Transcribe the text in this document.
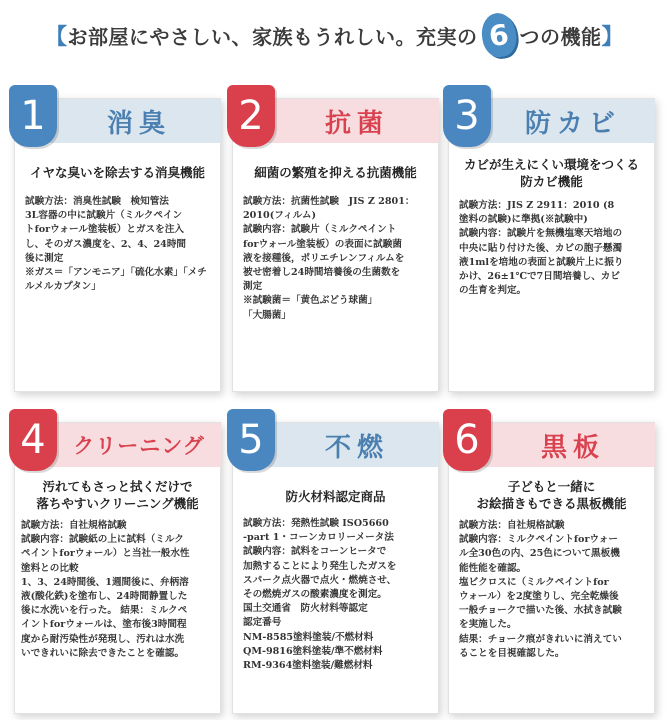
【 お部屋にやさしい、家族もうれしい。充実の 6 つの機能 】
消臭
1
イヤな臭いを除去する消臭機能

試験方法：消臭性試験　検知管法

3L容器の中に試験片（ミルクペイン

トforウォール塗装板）とガスを注入

し、そのガス濃度を、2、4、24時間

後に測定

※ガス＝「アンモニア」「硫化水素」「メチ

ルメルカプタン」

抗菌
2
細菌の繁殖を抑える抗菌機能

試験方法：抗菌性試験　JIS Z 2801：

2010(フィルム)

試験内容：試験片（ミルクペイント

forウォール塗装板）の表面に試験菌

液を接種後，ポリエチレンフィルムを

被せ密着し24時間培養後の生菌数を

測定

※試験菌＝「黄色ぶどう球菌」

「大腸菌」

防カビ
3
カビが生えにくい環境をつくる
防カビ機能

試験方法：JIS Z 2911：2010 (8

塗料の試験)に準拠(※試験中)

試験内容：試験片を無機塩寒天培地の

中央に貼り付けた後、カビの胞子懸濁

液1mlを培地の表面と試験片上に振り

かけ、26±1℃で7日間培養し、カビ

の生育を判定。

クリーニング
4
汚れてもさっと拭くだけで
落ちやすいクリーニング機能

試験方法：自社規格試験

試験内容：試験紙の上に試料（ミルク

ペイントforウォール）と当社一般水性

塗料との比較

1、3、24時間後、1週間後に、弁柄溶

液(酸化鉄)を塗布し、24時間静置した

後に水洗いを行った。 結果：ミルクペ

イントforウォールは、塗布後3時間程

度から耐汚染性が発現し、汚れは水洗

いできれいに除去できたことを確認。

不燃
5
防火材料認定商品

試験方法：発熱性試験 ISO5660

-part 1・コーンカロリーメータ法

試験内容：試料をコーンヒータで

加熱することにより発生したガスを

スパーク点火器で点火・燃焼させ、

その燃焼ガスの酸素濃度を測定。

国土交通省　防火材料等認定

認定番号

NM-8585塗料塗装/不燃材料

QM-9816塗料塗装/準不燃材料

RM-9364塗料塗装/難燃材料

黒板
6
子どもと一緒に
お絵描きもできる黒板機能

試験方法：自社規格試験

試験内容：ミルクペイントforウォー

ル全30色の内、25色について黒板機

能性能を確認。

塩ビクロスに（ミルクペイントfor

ウォール）を2度塗りし、完全乾燥後

一般チョークで描いた後、水拭き試験

を実施した。

結果：チョーク痕がきれいに消えてい

ることを目視確認した。
